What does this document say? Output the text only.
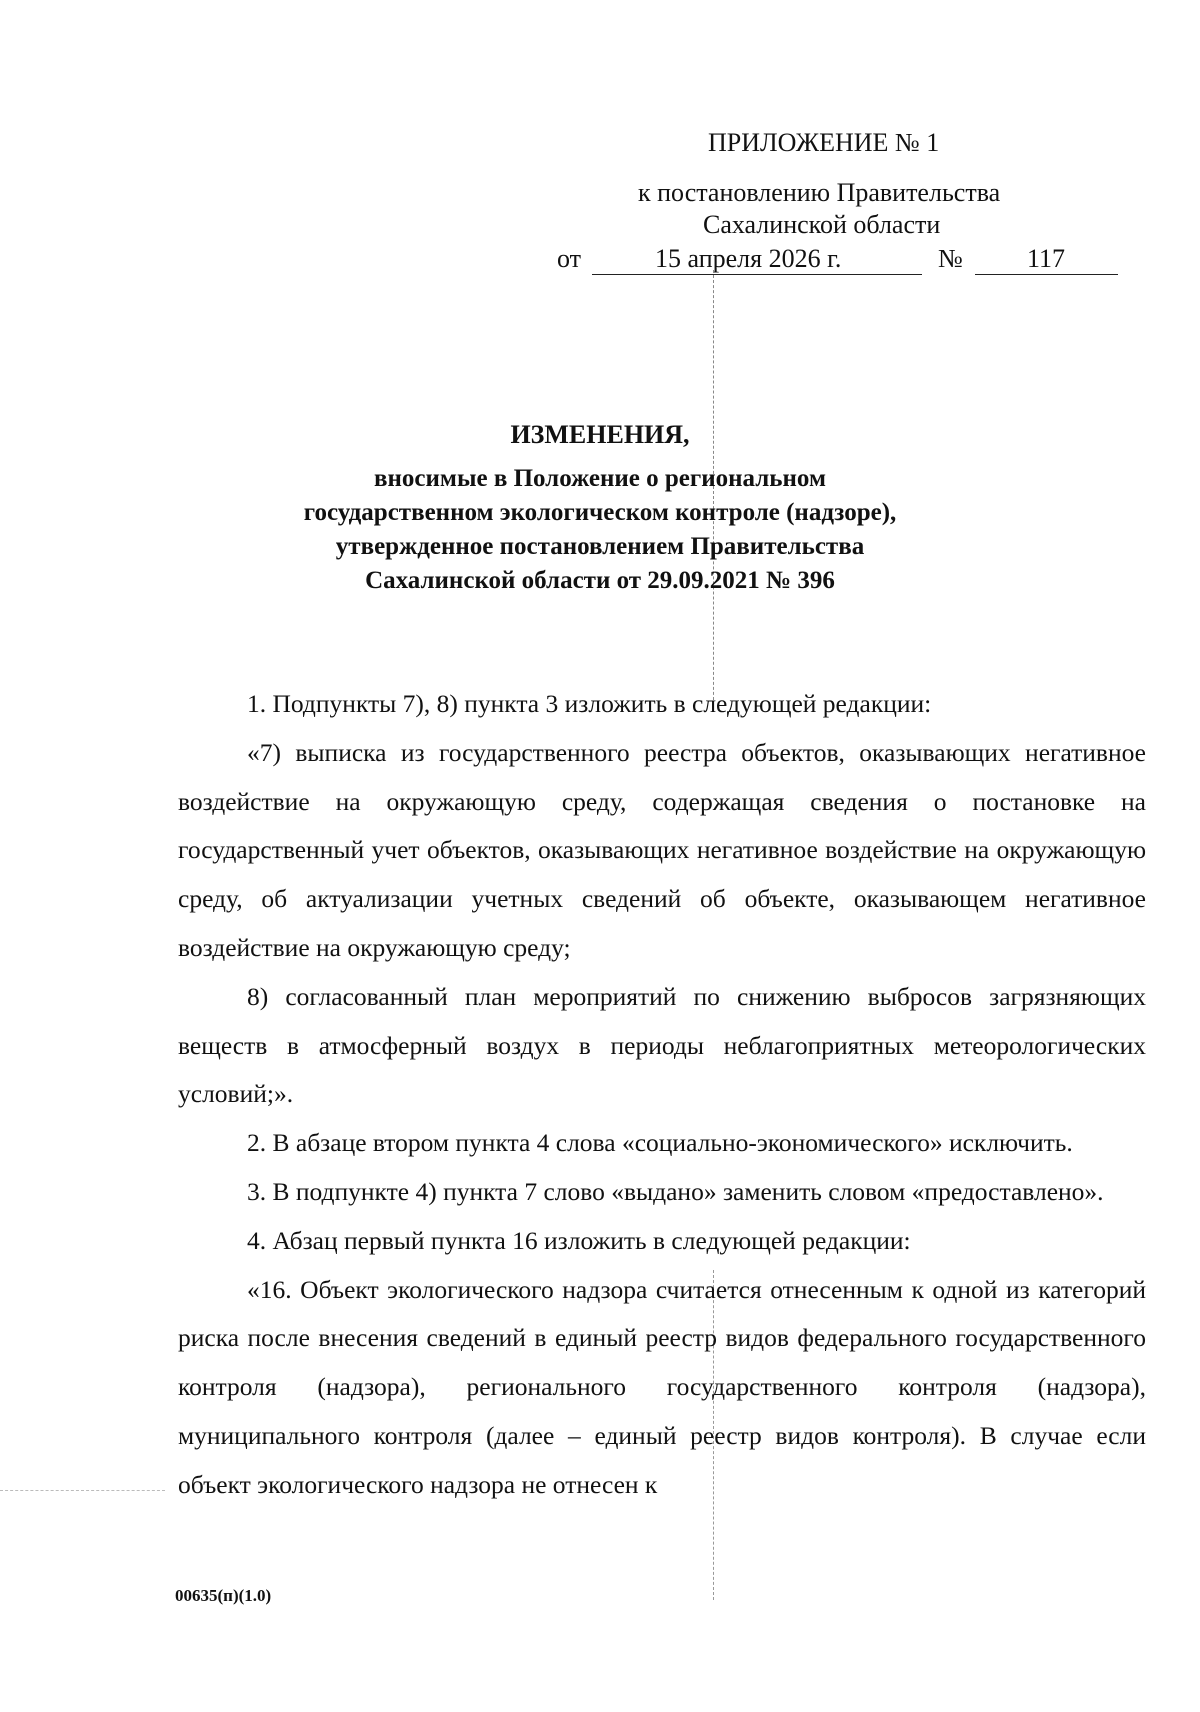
ПРИЛОЖЕНИЕ № 1
к постановлению Правительства
Сахалинской области
от	15 апреля 2026 г.	№ 117
ИЗМЕНЕНИЯ,
вносимые в Положение о региональном
государственном экологическом контроле (надзоре),
утвержденное постановлением Правительства
Сахалинской области от 29.09.2021 № 396

1. Подпункты 7), 8) пункта 3 изложить в следующей редакции:

«7) выписка из государственного реестра объектов, оказывающих негативное воздействие на окружающую среду, содержащая сведения о постановке на государственный учет объектов, оказывающих негативное воздействие на окружающую среду, об актуализации учетных сведений об объекте, оказывающем негативное воздействие на окружающую среду;

8) согласованный план мероприятий по снижению выбросов загрязняющих веществ в атмосферный воздух в периоды неблагоприятных метеорологических условий;».

2. В абзаце втором пункта 4 слова «социально-экономического» исключить.

3. В подпункте 4) пункта 7 слово «выдано» заменить словом «предоставлено».

4. Абзац первый пункта 16 изложить в следующей редакции:

«16. Объект экологического надзора считается отнесенным к одной из категорий риска после внесения сведений в единый реестр видов федерального государственного контроля (надзора), регионального государственного контроля (надзора), муниципального контроля (далее – единый реестр видов контроля). В случае если объект экологического надзора не отнесен к

00635(п)(1.0)
